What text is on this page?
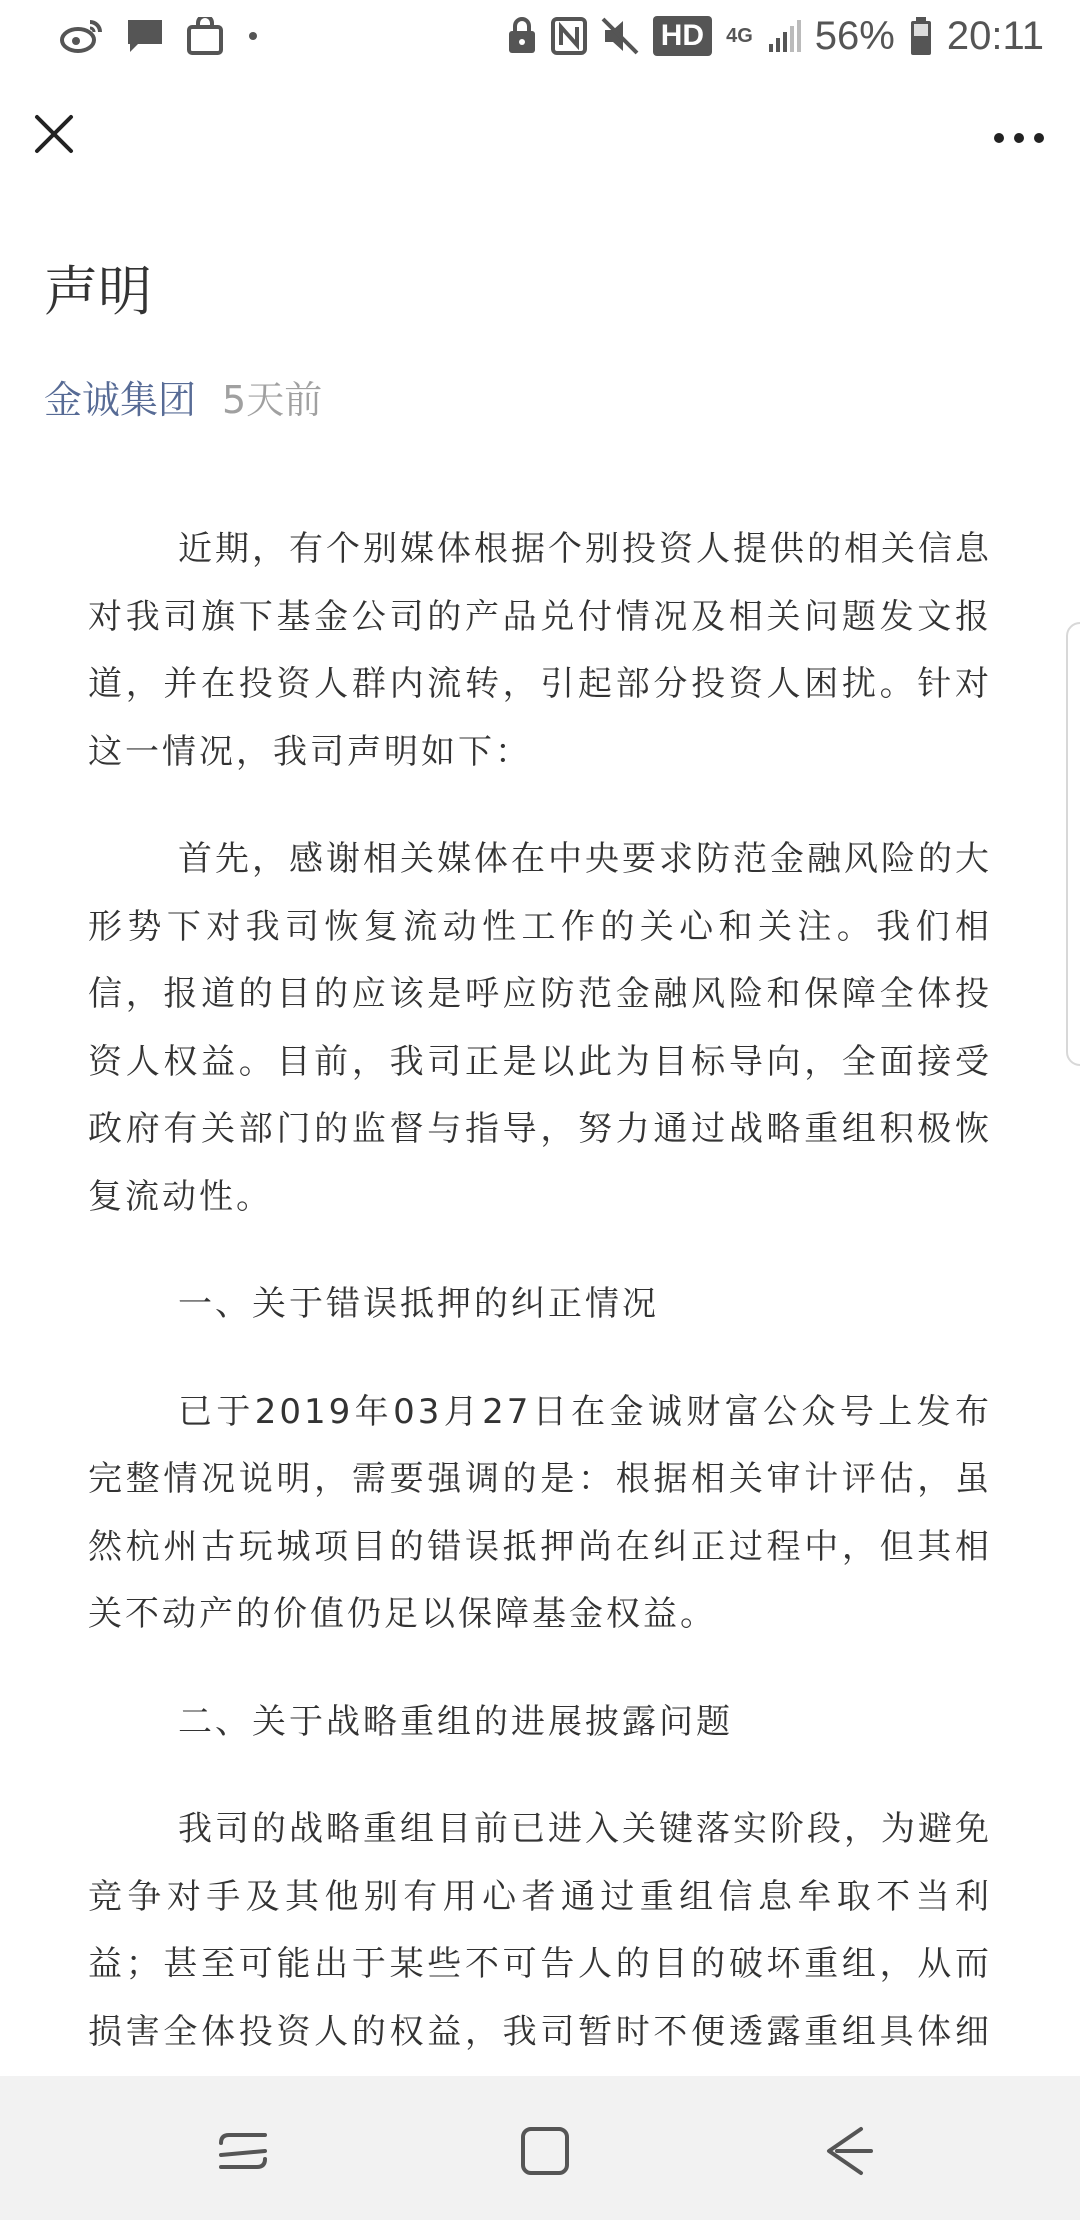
HD	4G 56% 20:11
声明
金诚集团 5天前

近期，有个别媒体根据个别投资人提供的相关信息对我司旗下基金公司的产品兑付情况及相关问题发文报道，并在投资人群内流转，引起部分投资人困扰。针对这一情况，我司声明如下：

首先，感谢相关媒体在中央要求防范金融风险的大形势下对我司恢复流动性工作的关心和关注。我们相信，报道的目的应该是呼应防范金融风险和保障全体投资人权益。目前，我司正是以此为目标导向，全面接受政府有关部门的监督与指导，努力通过战略重组积极恢复流动性。

一、关于错误抵押的纠正情况

已于2019年03月27日在金诚财富公众号上发布完整情况说明，需要强调的是：根据相关审计评估，虽然杭州古玩城项目的错误抵押尚在纠正过程中，但其相关不动产的价值仍足以保障基金权益。

二、关于战略重组的进展披露问题

我司的战略重组目前已进入关键落实阶段，为避免竞争对手及其他别有用心者通过重组信息牟取不当利益；甚至可能出于某些不可告人的目的破坏重组，从而损害全体投资人的权益，我司暂时不便透露重组具体细
